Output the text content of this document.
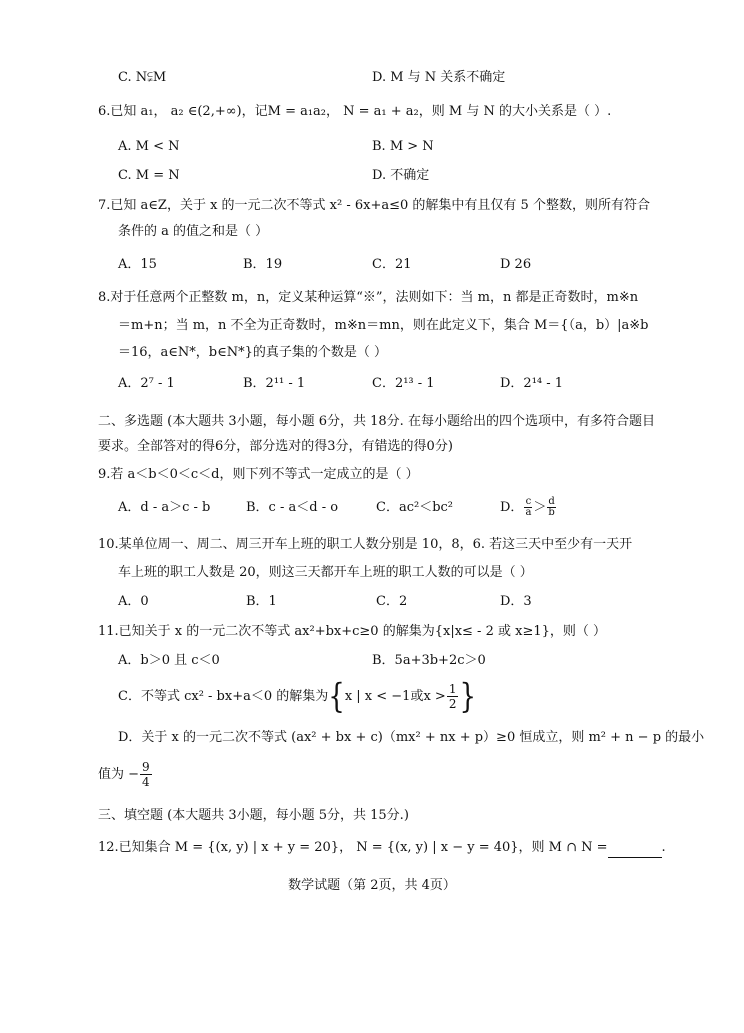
C. N⫋M	D. M 与 N 关系不确定
6.已知 a₁， a₂ ∈(2,+∞)，记M = a₁a₂， N = a₁ + a₂，则 M 与 N 的大小关系是（ ）.
A. M < N	B. M > N
C. M = N	D. 不确定
7.已知 a∈Z，关于 x 的一元二次不等式 x² - 6x+a≤0 的解集中有且仅有 5 个整数，则所有符合
条件的 a 的值之和是（ ）
A．15	B．19	C．21	D 26
8.对于任意两个正整数 m，n，定义某种运算“※”，法则如下：当 m，n 都是正奇数时，m※n
＝m+n；当 m，n 不全为正奇数时，m※n＝mn，则在此定义下，集合 M＝{（a，b）|a※b
＝16，a∈N*，b∈N*}的真子集的个数是（ ）
A．2⁷ - 1	B．2¹¹ - 1	C．2¹³ - 1	D．2¹⁴ - 1
二、多选题 (本大题共 3小题，每小题 6分，共 18分. 在每小题给出的四个选项中，有多符合题目
要求。全部答对的得6分，部分选对的得3分，有错选的得0分)
9.若 a＜b＜0＜c＜d，则下列不等式一定成立的是（ ）
A．d - a＞c - b	B．c - a＜d - o	C．ac²＜bc²	D． $\frac{c}{a} > \frac{d}{b}$
10.某单位周一、周二、周三开车上班的职工人数分别是 10，8，6. 若这三天中至少有一天开
车上班的职工人数是 20，则这三天都开车上班的职工人数的可以是（ ）
A．0	B．1	C．2	D．3
11.已知关于 x 的一元二次不等式 ax²+bx+c≥0 的解集为{x|x≤ - 2 或 x≥1}，则（ ）
A．b＞0 且 c＜0	B．5a+3b+2c＞0
C．不等式 cx² - bx+a＜0 的解集为{x | x < −1或$x > \frac{1}{2}$ }
D．关于 x 的一元二次不等式 (ax² + bx + c)（mx² + nx + p）≥0 恒成立，则 m² + n − p 的最小
值为 − $\frac{9}{4}$
三、填空题 (本大题共 3小题，每小题 5分，共 15分.)
12.已知集合 M = {(x, y) | x + y = 20}， N = {(x, y) | x − y = 40}，则 M ∩ N =	.
数学试题（第 2页，共 4页）
